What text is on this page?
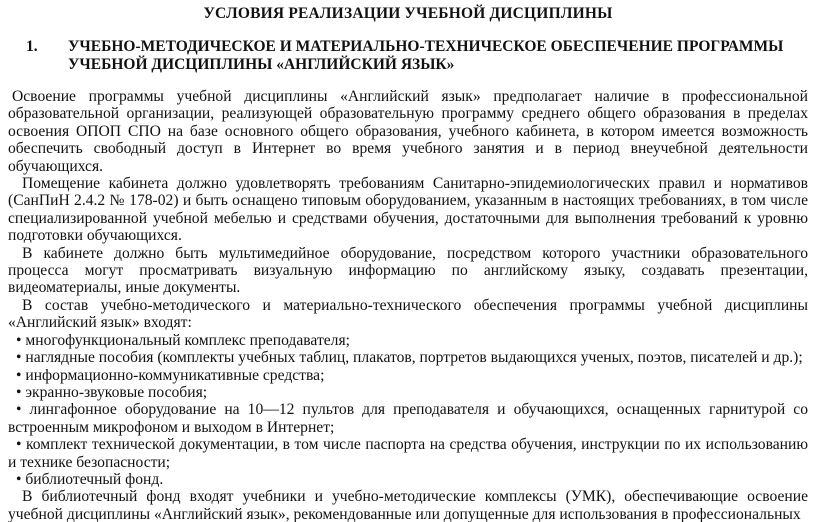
УСЛОВИЯ РЕАЛИЗАЦИИ УЧЕБНОЙ ДИСЦИПЛИНЫ
1. УЧЕБНО-МЕТОДИЧЕСКОЕ И МАТЕРИАЛЬНО-ТЕХНИЧЕСКОЕ ОБЕСПЕЧЕНИЕ ПРОГРАММЫ
УЧЕБНОЙ ДИСЦИПЛИНЫ «АНГЛИЙСКИЙ ЯЗЫК»

Освоение программы учебной дисциплины «Английский язык» предполагает наличие в профессиональной образовательной организации, реализующей образовательную программу среднего общего образования в пределах освоения ОПОП СПО на базе основного общего образования, учебного кабинета, в котором имеется возможность обеспечить свободный доступ в Интернет во время учебного занятия и в период внеучебной деятельности обучающихся.

Помещение кабинета должно удовлетворять требованиям Санитарно-эпидемиологических правил и нормативов (СанПиН 2.4.2 № 178-02) и быть оснащено типовым оборудованием, указанным в настоящих требованиях, в том числе специализированной учебной мебелью и средствами обучения, достаточными для выполнения требований к уровню подготовки обучающихся.

В кабинете должно быть мультимедийное оборудование, посредством которого участники образовательного процесса могут просматривать визуальную информацию по английскому языку, создавать презентации, видеоматериалы, иные документы.

В состав учебно-методического и материально-технического обеспечения программы учебной дисциплины «Английский язык» входят:

• многофункциональный комплекс преподавателя;

• наглядные пособия (комплекты учебных таблиц, плакатов, портретов выдающихся ученых, поэтов, писателей и др.);

• информационно-коммуникативные средства;

• экранно-звуковые пособия;

• лингафонное оборудование на 10—12 пультов для преподавателя и обучающихся, оснащенных гарнитурой со встроенным микрофоном и выходом в Интернет;

• комплект технической документации, в том числе паспорта на средства обучения, инструкции по их использованию и технике безопасности;

• библиотечный фонд.

В библиотечный фонд входят учебники и учебно-методические комплексы (УМК), обеспечивающие освоение учебной дисциплины «Английский язык», рекомендованные или допущенные для использования в профессиональных
